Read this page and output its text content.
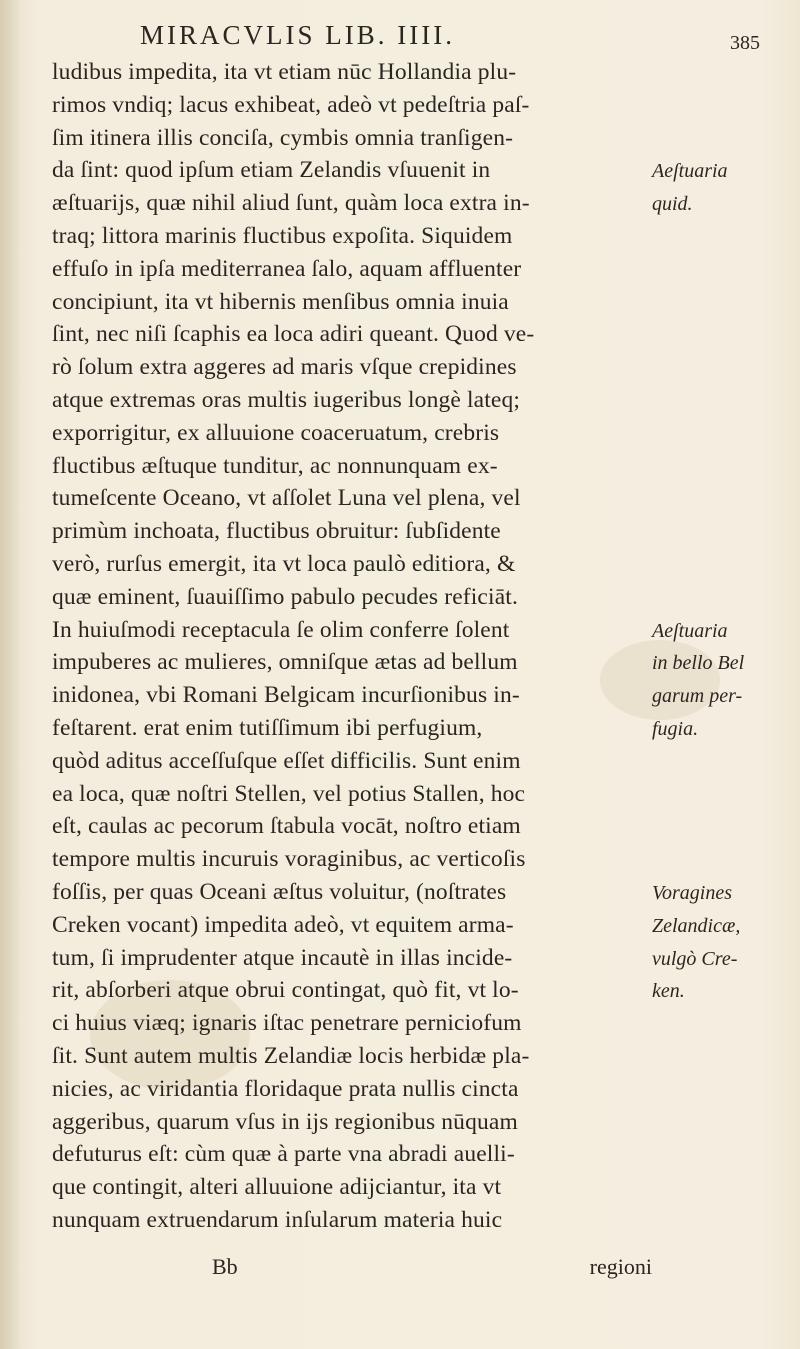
MIRACVLIS LIB. IIII.	385
ludibus impedita, ita vt etiam nūc Hollandia plu-
rimos vndiq; lacus exhibeat, adeò vt pedeſtria paſ-
ſim itinera illis conciſa, cymbis omnia tranſigen-
da ſint: quod ipſum etiam Zelandis vſuuenit in
æſtuarijs, quæ nihil aliud ſunt, quàm loca extra in-
traq; littora marinis fluctibus expoſita. Siquidem
effuſo in ipſa mediterranea ſalo, aquam affluenter
concipiunt, ita vt hibernis menſibus omnia inuia
ſint, nec niſi ſcaphis ea loca adiri queant. Quod ve-
rò ſolum extra aggeres ad maris vſque crepidines
atque extremas oras multis iugeribus longè lateq;
exporrigitur, ex alluuione coaceruatum, crebris
fluctibus æſtuque tunditur, ac nonnunquam ex-
tumeſcente Oceano, vt aſſolet Luna vel plena, vel
primùm inchoata, fluctibus obruitur: ſubſidente
verò, rurſus emergit, ita vt loca paulò editiora, &
quæ eminent, ſuauiſſimo pabulo pecudes reficiāt.
In huiuſmodi receptacula ſe olim conferre ſolent
impuberes ac mulieres, omniſque ætas ad bellum
inidonea, vbi Romani Belgicam incurſionibus in-
feſtarent. erat enim tutiſſimum ibi perfugium,
quòd aditus acceſſuſque eſſet difficilis. Sunt enim
ea loca, quæ noſtri Stellen, vel potius Stallen, hoc
eſt, caulas ac pecorum ſtabula vocāt, noſtro etiam
tempore multis incuruis voraginibus, ac verticoſis
foſſis, per quas Oceani æſtus voluitur, (noſtrates
Creken vocant) impedita adeò, vt equitem arma-
tum, ſi imprudenter atque incautè in illas incide-
rit, abſorberi atque obrui contingat, quò fit, vt lo-
ci huius viæq; ignaris iſtac penetrare perniciofum
ſit. Sunt autem multis Zelandiæ locis herbidæ pla-
nicies, ac viridantia floridaque prata nullis cincta
aggeribus, quarum vſus in ijs regionibus nūquam
defuturus eſt: cùm quæ à parte vna abradi auelli-
que contingit, alteri alluuione adijciantur, ita vt
nunquam extruendarum inſularum materia huic
Aeſtuaria
quid.
Aeſtuaria
in bello Bel
garum per-
fugia.
Voragines
Zelandicæ,
vulgò Cre-
ken.
Bb	regioni
